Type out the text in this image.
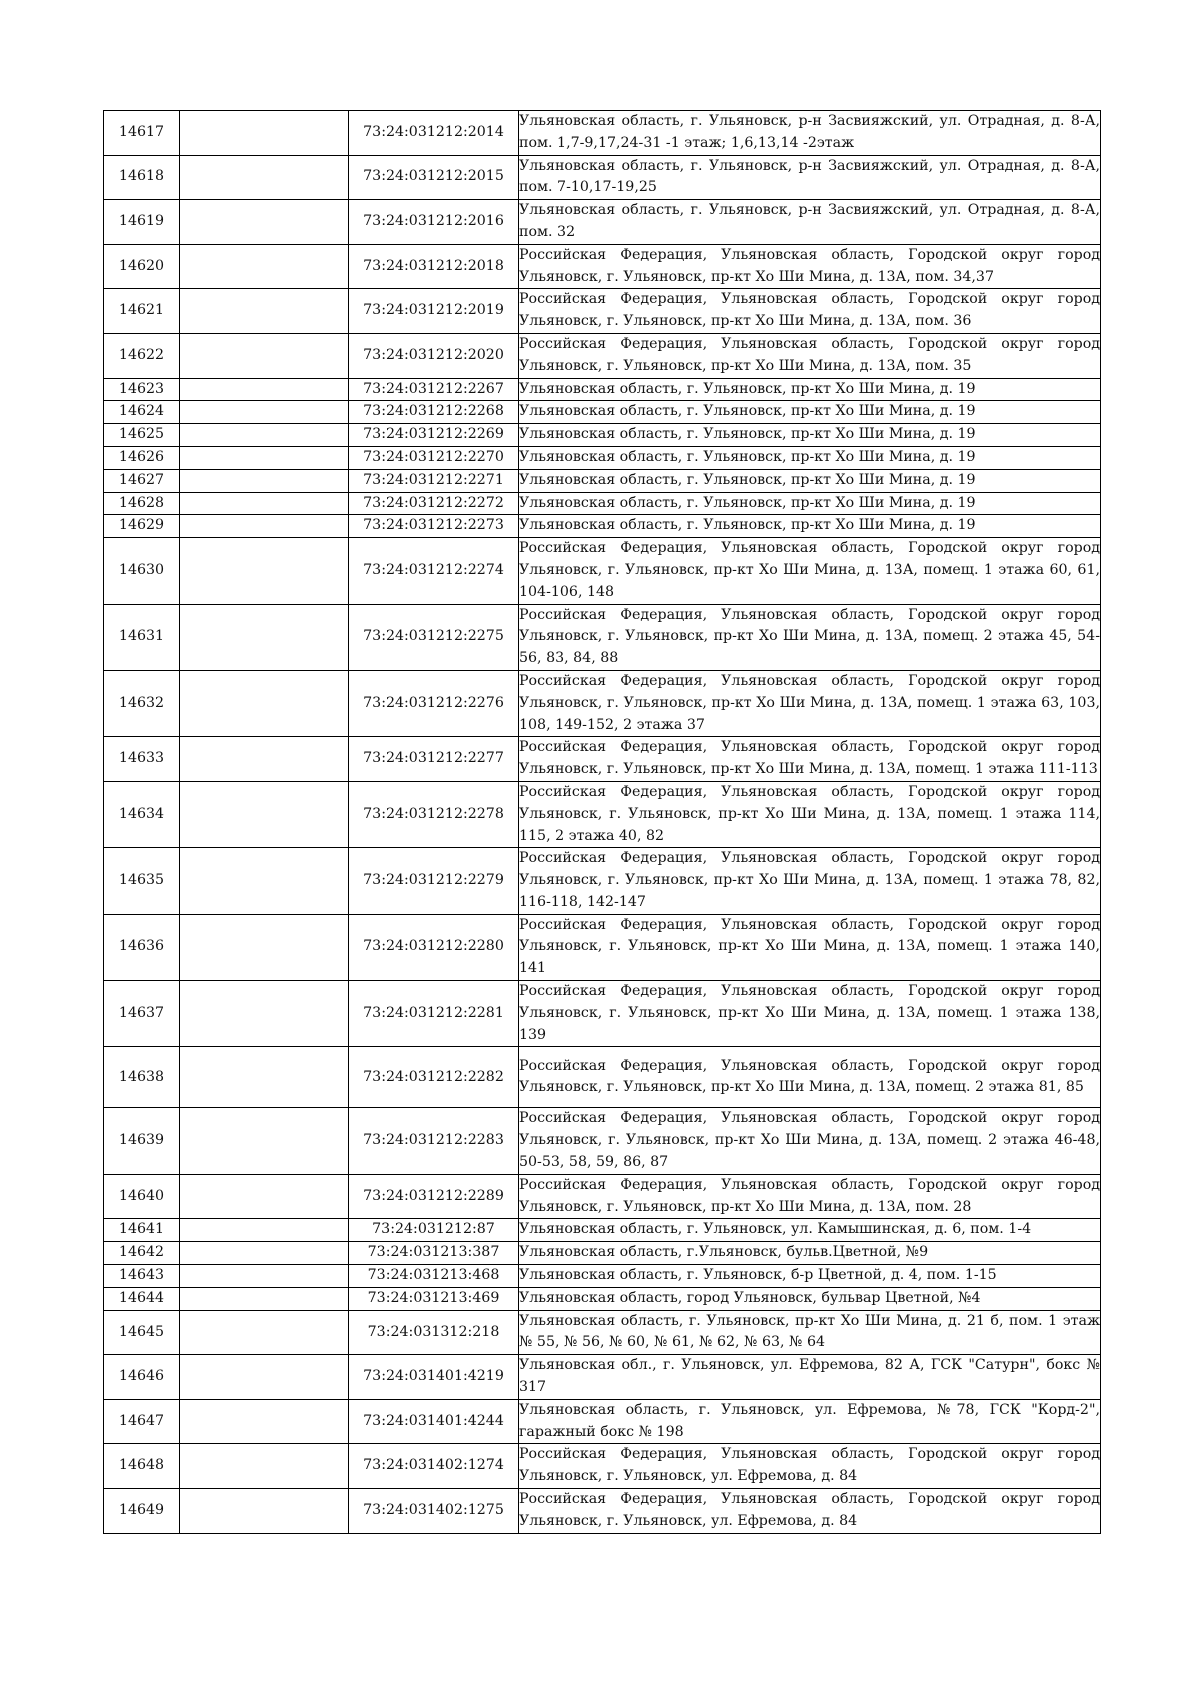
14617		73:24:031212:2014	Ульяновская область, г. Ульяновск, р-н Засвияжский, ул. Отрадная, д. 8-А, пом. 1,7-9,17,24-31 -1 этаж; 1,6,13,14 -2этаж
14618		73:24:031212:2015	Ульяновская область, г. Ульяновск, р-н Засвияжский, ул. Отрадная, д. 8-А, пом. 7-10,17-19,25
14619		73:24:031212:2016	Ульяновская область, г. Ульяновск, р-н Засвияжский, ул. Отрадная, д. 8-А, пом. 32
14620		73:24:031212:2018	Российская Федерация, Ульяновская область, Городской округ город Ульяновск, г. Ульяновск, пр-кт Хо Ши Мина, д. 13А, пом. 34,37
14621		73:24:031212:2019	Российская Федерация, Ульяновская область, Городской округ город Ульяновск, г. Ульяновск, пр-кт Хо Ши Мина, д. 13А, пом. 36
14622		73:24:031212:2020	Российская Федерация, Ульяновская область, Городской округ город Ульяновск, г. Ульяновск, пр-кт Хо Ши Мина, д. 13А, пом. 35
14623		73:24:031212:2267	Ульяновская область, г. Ульяновск, пр-кт Хо Ши Мина, д. 19
14624		73:24:031212:2268	Ульяновская область, г. Ульяновск, пр-кт Хо Ши Мина, д. 19
14625		73:24:031212:2269	Ульяновская область, г. Ульяновск, пр-кт Хо Ши Мина, д. 19
14626		73:24:031212:2270	Ульяновская область, г. Ульяновск, пр-кт Хо Ши Мина, д. 19
14627		73:24:031212:2271	Ульяновская область, г. Ульяновск, пр-кт Хо Ши Мина, д. 19
14628		73:24:031212:2272	Ульяновская область, г. Ульяновск, пр-кт Хо Ши Мина, д. 19
14629		73:24:031212:2273	Ульяновская область, г. Ульяновск, пр-кт Хо Ши Мина, д. 19
14630		73:24:031212:2274	Российская Федерация, Ульяновская область, Городской округ город Ульяновск, г. Ульяновск, пр-кт Хо Ши Мина, д. 13А, помещ. 1 этажа 60, 61, 104-106, 148
14631		73:24:031212:2275	Российская Федерация, Ульяновская область, Городской округ город Ульяновск, г. Ульяновск, пр-кт Хо Ши Мина, д. 13А, помещ. 2 этажа 45, 54-56, 83, 84, 88
14632		73:24:031212:2276	Российская Федерация, Ульяновская область, Городской округ город Ульяновск, г. Ульяновск, пр-кт Хо Ши Мина, д. 13А, помещ. 1 этажа 63, 103, 108, 149-152, 2 этажа 37
14633		73:24:031212:2277	Российская Федерация, Ульяновская область, Городской округ город Ульяновск, г. Ульяновск, пр-кт Хо Ши Мина, д. 13А, помещ. 1 этажа 111-113
14634		73:24:031212:2278	Российская Федерация, Ульяновская область, Городской округ город Ульяновск, г. Ульяновск, пр-кт Хо Ши Мина, д. 13А, помещ. 1 этажа 114, 115, 2 этажа 40, 82
14635		73:24:031212:2279	Российская Федерация, Ульяновская область, Городской округ город Ульяновск, г. Ульяновск, пр-кт Хо Ши Мина, д. 13А, помещ. 1 этажа 78, 82, 116-118, 142-147
14636		73:24:031212:2280	Российская Федерация, Ульяновская область, Городской округ город Ульяновск, г. Ульяновск, пр-кт Хо Ши Мина, д. 13А, помещ. 1 этажа 140, 141
14637		73:24:031212:2281	Российская Федерация, Ульяновская область, Городской округ город Ульяновск, г. Ульяновск, пр-кт Хо Ши Мина, д. 13А, помещ. 1 этажа 138, 139
14638		73:24:031212:2282	Российская Федерация, Ульяновская область, Городской округ город Ульяновск, г. Ульяновск, пр-кт Хо Ши Мина, д. 13А, помещ. 2 этажа 81, 85
14639		73:24:031212:2283	Российская Федерация, Ульяновская область, Городской округ город Ульяновск, г. Ульяновск, пр-кт Хо Ши Мина, д. 13А, помещ. 2 этажа 46-48, 50-53, 58, 59, 86, 87
14640		73:24:031212:2289	Российская Федерация, Ульяновская область, Городской округ город Ульяновск, г. Ульяновск, пр-кт Хо Ши Мина, д. 13А, пом. 28
14641		73:24:031212:87	Ульяновская область, г. Ульяновск, ул. Камышинская, д. 6, пом. 1-4
14642		73:24:031213:387	Ульяновская область, г.Ульяновск, бульв.Цветной, №9
14643		73:24:031213:468	Ульяновская область, г. Ульяновск, б-р Цветной, д. 4, пом. 1-15
14644		73:24:031213:469	Ульяновская область, город Ульяновск, бульвар Цветной, №4
14645		73:24:031312:218	Ульяновская область, г. Ульяновск, пр-кт Хо Ши Мина, д. 21 б, пом. 1 этаж № 55, № 56, № 60, № 61, № 62, № 63, № 64
14646		73:24:031401:4219	Ульяновская обл., г. Ульяновск, ул. Ефремова, 82 А, ГСК "Сатурн", бокс № 317
14647		73:24:031401:4244	Ульяновская область, г. Ульяновск, ул. Ефремова, №78, ГСК "Корд-2", гаражный бокс № 198
14648		73:24:031402:1274	Российская Федерация, Ульяновская область, Городской округ город Ульяновск, г. Ульяновск, ул. Ефремова, д. 84
14649		73:24:031402:1275	Российская Федерация, Ульяновская область, Городской округ город Ульяновск, г. Ульяновск, ул. Ефремова, д. 84
